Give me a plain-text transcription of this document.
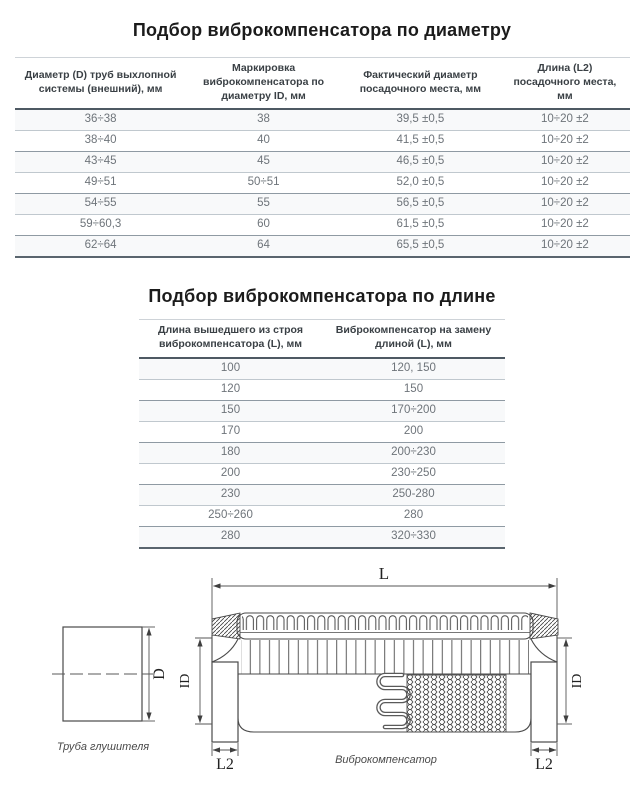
Подбор виброкомпенсатора по диаметру
Диаметр (D) труб выхлопной системы (внешний), мм	Маркировка виброкомпенсатора по диаметру ID, мм	Фактический диаметр посадочного места, мм	Длина (L2) посадочного места, мм
36÷38	38	39,5 ±0,5	10÷20 ±2
38÷40	40	41,5 ±0,5	10÷20 ±2
43÷45	45	46,5 ±0,5	10÷20 ±2
49÷51	50÷51	52,0 ±0,5	10÷20 ±2
54÷55	55	56,5 ±0,5	10÷20 ±2
59÷60,3	60	61,5 ±0,5	10÷20 ±2
62÷64	64	65,5 ±0,5	10÷20 ±2
Подбор виброкомпенсатора по длине
Длина вышедшего из строя виброкомпенсатора (L), мм	Виброкомпенсатор на замену длиной (L), мм
100	120, 150
120	150
150	170÷200
170	200
180	200÷230
200	230÷250
230	250-280
250÷260	280
280	320÷330
D
Труба глушителя
L
ID	ID
L2	L2
Виброкомпенсатор
